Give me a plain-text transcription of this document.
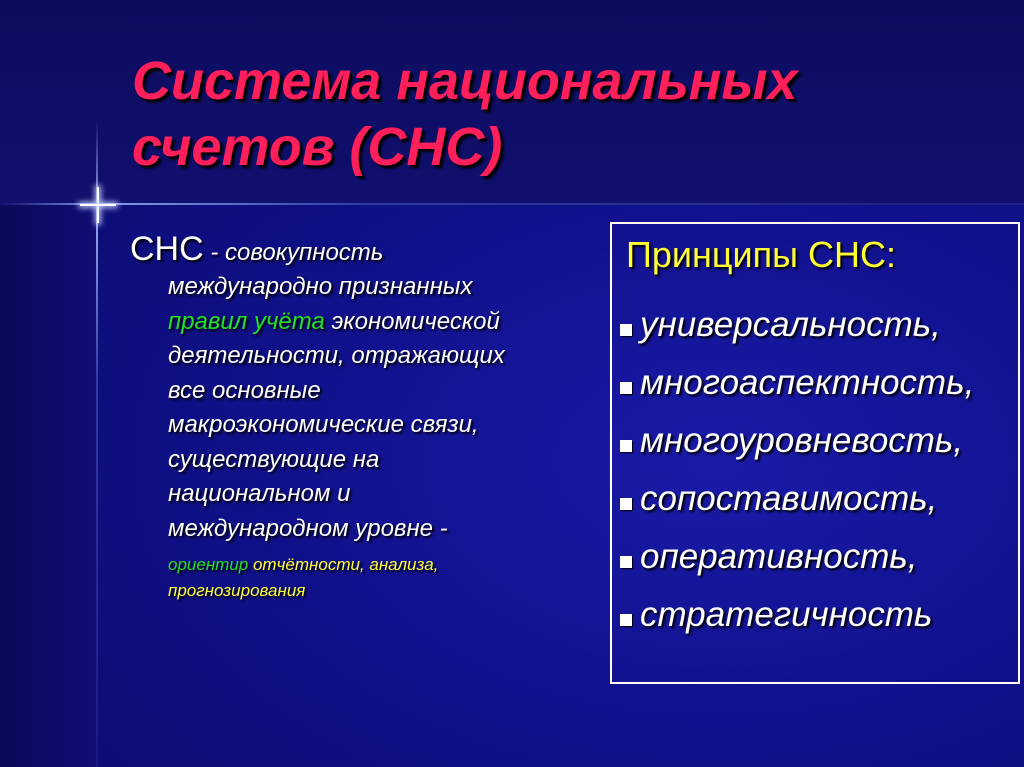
Система национальных
счетов (СНС)
СНС - совокупность
международно признанных
правил учёта экономической
деятельности, отражающих
все основные
макроэкономические связи,
существующие на
национальном и
международном уровне -
ориентир отчётности, анализа,
прогнозирования
Принципы СНС:
универсальность,
многоаспектность,
многоуровневость,
сопоставимость,
оперативность,
стратегичность
